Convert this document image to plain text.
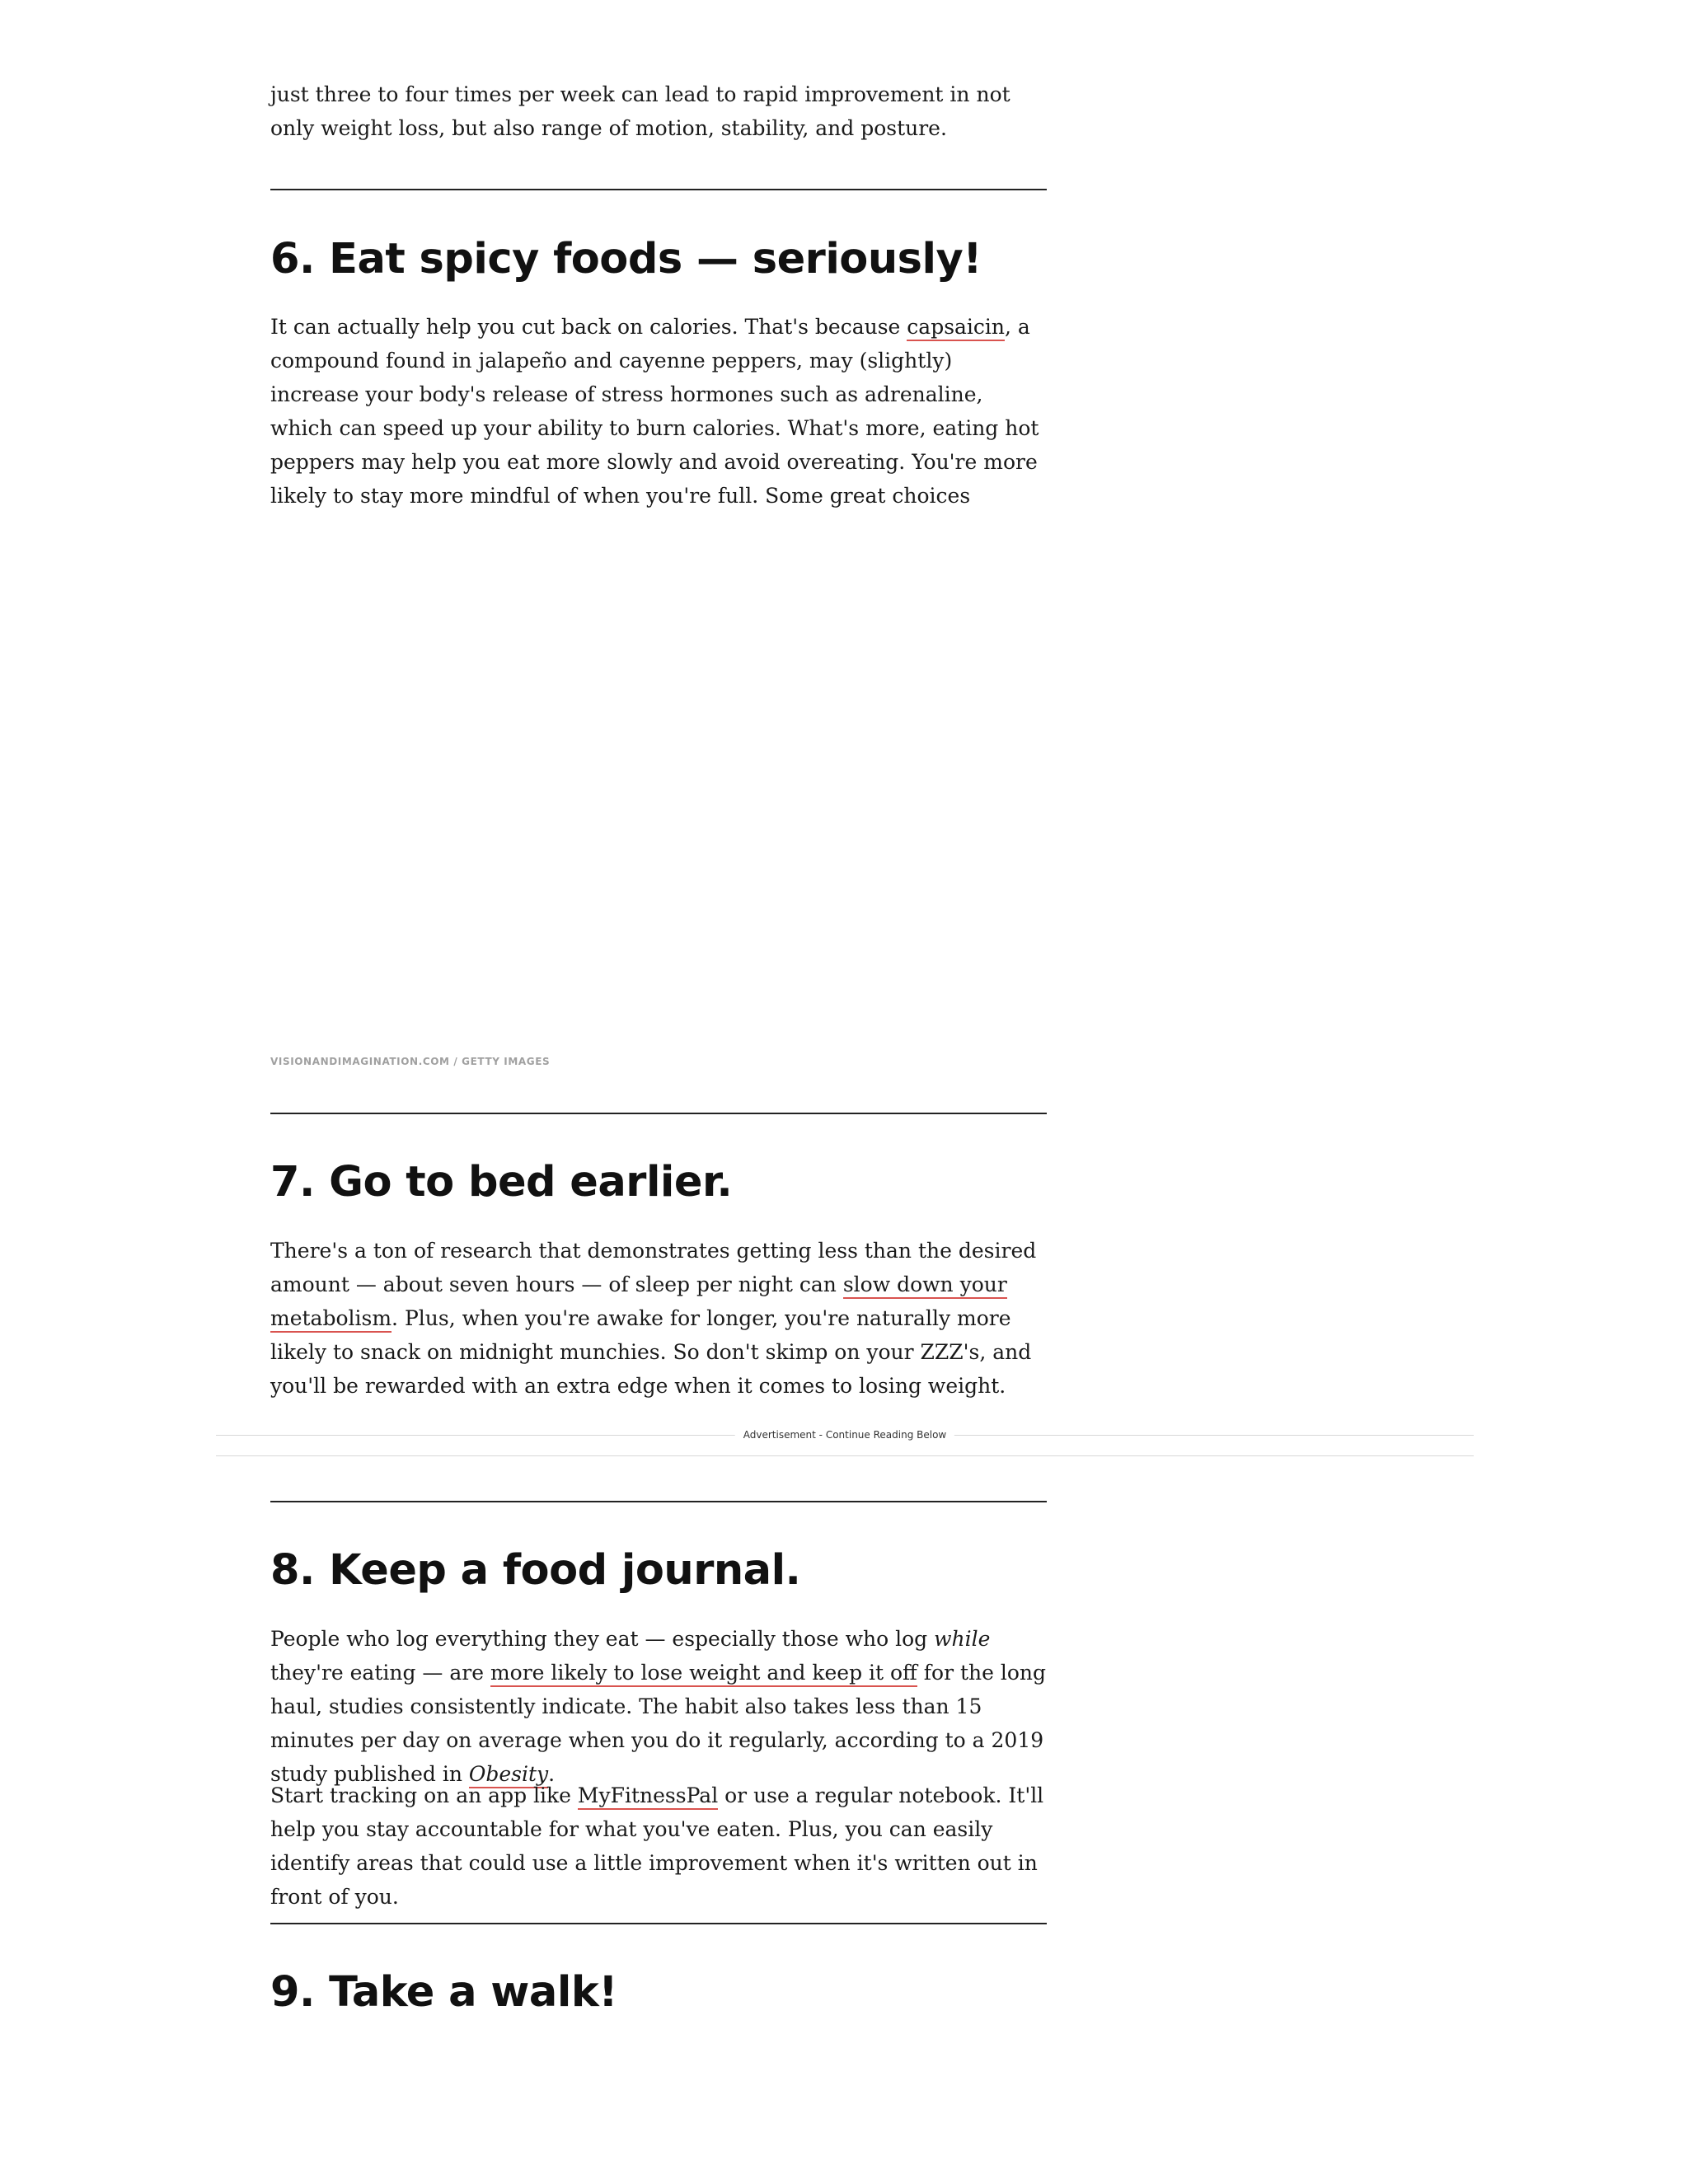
just three to four times per week can lead to rapid improvement in not only weight loss, but also range of motion, stability, and posture.

6. Eat spicy foods — seriously!

It can actually help you cut back on calories. That's because capsaicin, a compound found in jalapeño and cayenne peppers, may (slightly) increase your body's release of stress hormones such as adrenaline, which can speed up your ability to burn calories. What's more, eating hot peppers may help you eat more slowly and avoid overeating. You're more likely to stay more mindful of when you're full. Some great choices

VISIONANDIMAGINATION.COM / GETTY IMAGES
7. Go to bed earlier.

There's a ton of research that demonstrates getting less than the desired amount — about seven hours — of sleep per night can slow down your metabolism. Plus, when you're awake for longer, you're naturally more likely to snack on midnight munchies. So don't skimp on your ZZZ's, and you'll be rewarded with an extra edge when it comes to losing weight.

8. Keep a food journal.

People who log everything they eat — especially those who log while they're eating — are more likely to lose weight and keep it off for the long haul, studies consistently indicate. The habit also takes less than 15 minutes per day on average when you do it regularly, according to a 2019 study published in Obesity.

Start tracking on an app like MyFitnessPal or use a regular notebook. It'll help you stay accountable for what you've eaten. Plus, you can easily identify areas that could use a little improvement when it's written out in front of you.

9. Take a walk!
Advertisement - Continue Reading Below
